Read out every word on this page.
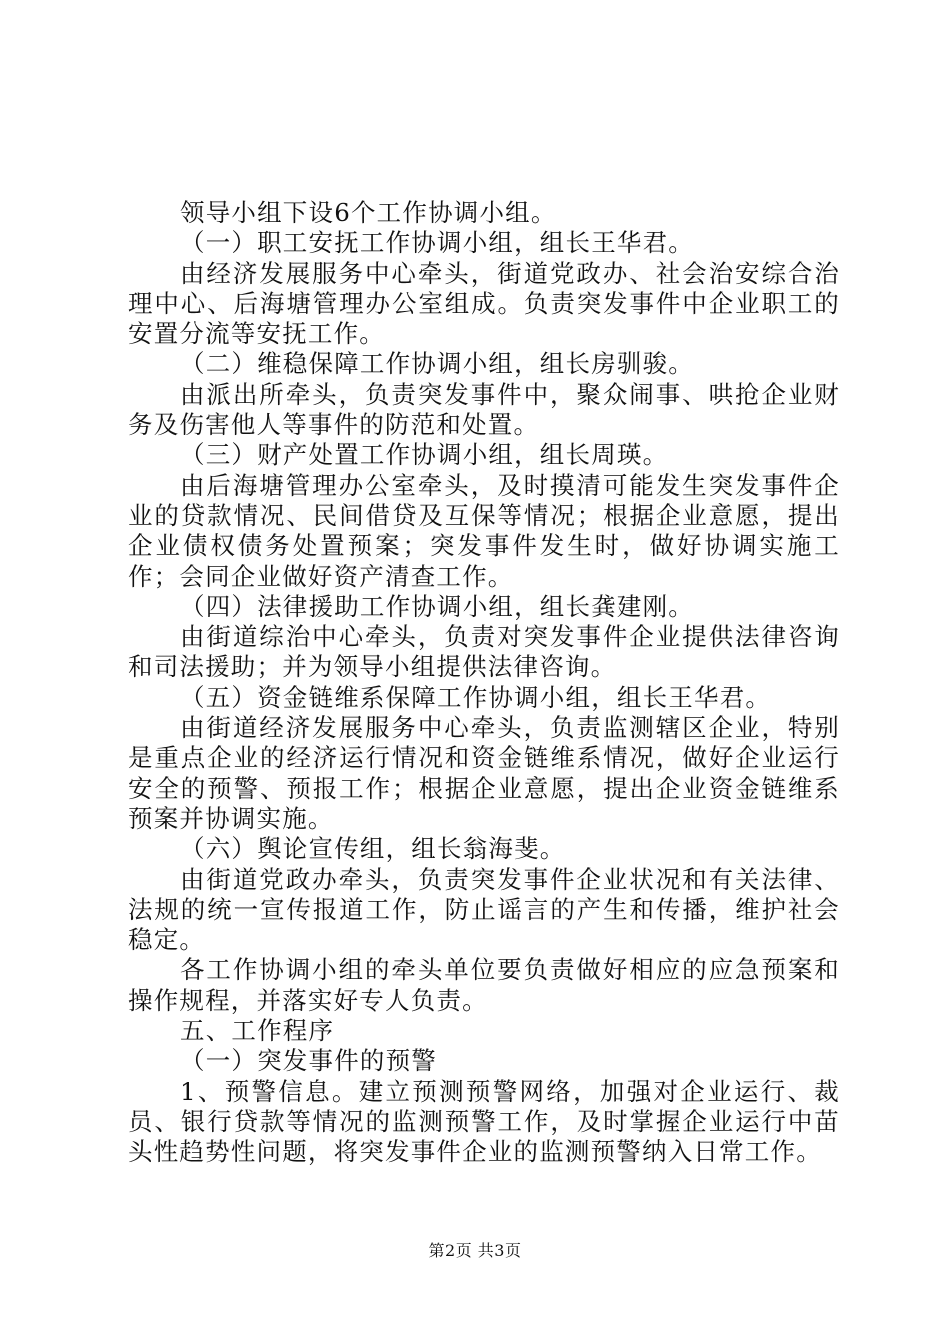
领导小组下设6个工作协调小组。

（一）职工安抚工作协调小组，组长王华君。

由经济发展服务中心牵头，街道党政办、社会治安综合治理中心、后海塘管理办公室组成。负责突发事件中企业职工的安置分流等安抚工作。

（二）维稳保障工作协调小组，组长房驯骏。

由派出所牵头，负责突发事件中，聚众闹事、哄抢企业财务及伤害他人等事件的防范和处置。

（三）财产处置工作协调小组，组长周瑛。

由后海塘管理办公室牵头，及时摸清可能发生突发事件企业的贷款情况、民间借贷及互保等情况；根据企业意愿，提出企业债权债务处置预案；突发事件发生时，做好协调实施工作；会同企业做好资产清查工作。

（四）法律援助工作协调小组，组长龚建刚。

由街道综治中心牵头，负责对突发事件企业提供法律咨询和司法援助；并为领导小组提供法律咨询。

（五）资金链维系保障工作协调小组，组长王华君。

由街道经济发展服务中心牵头，负责监测辖区企业，特别是重点企业的经济运行情况和资金链维系情况，做好企业运行安全的预警、预报工作；根据企业意愿，提出企业资金链维系预案并协调实施。

（六）舆论宣传组，组长翁海斐。

由街道党政办牵头，负责突发事件企业状况和有关法律、法规的统一宣传报道工作，防止谣言的产生和传播，维护社会稳定。

各工作协调小组的牵头单位要负责做好相应的应急预案和操作规程，并落实好专人负责。

五、工作程序

（一）突发事件的预警

1、预警信息。建立预测预警网络，加强对企业运行、裁员、银行贷款等情况的监测预警工作，及时掌握企业运行中苗头性趋势性问题，将突发事件企业的监测预警纳入日常工作。

第2页 共3页
